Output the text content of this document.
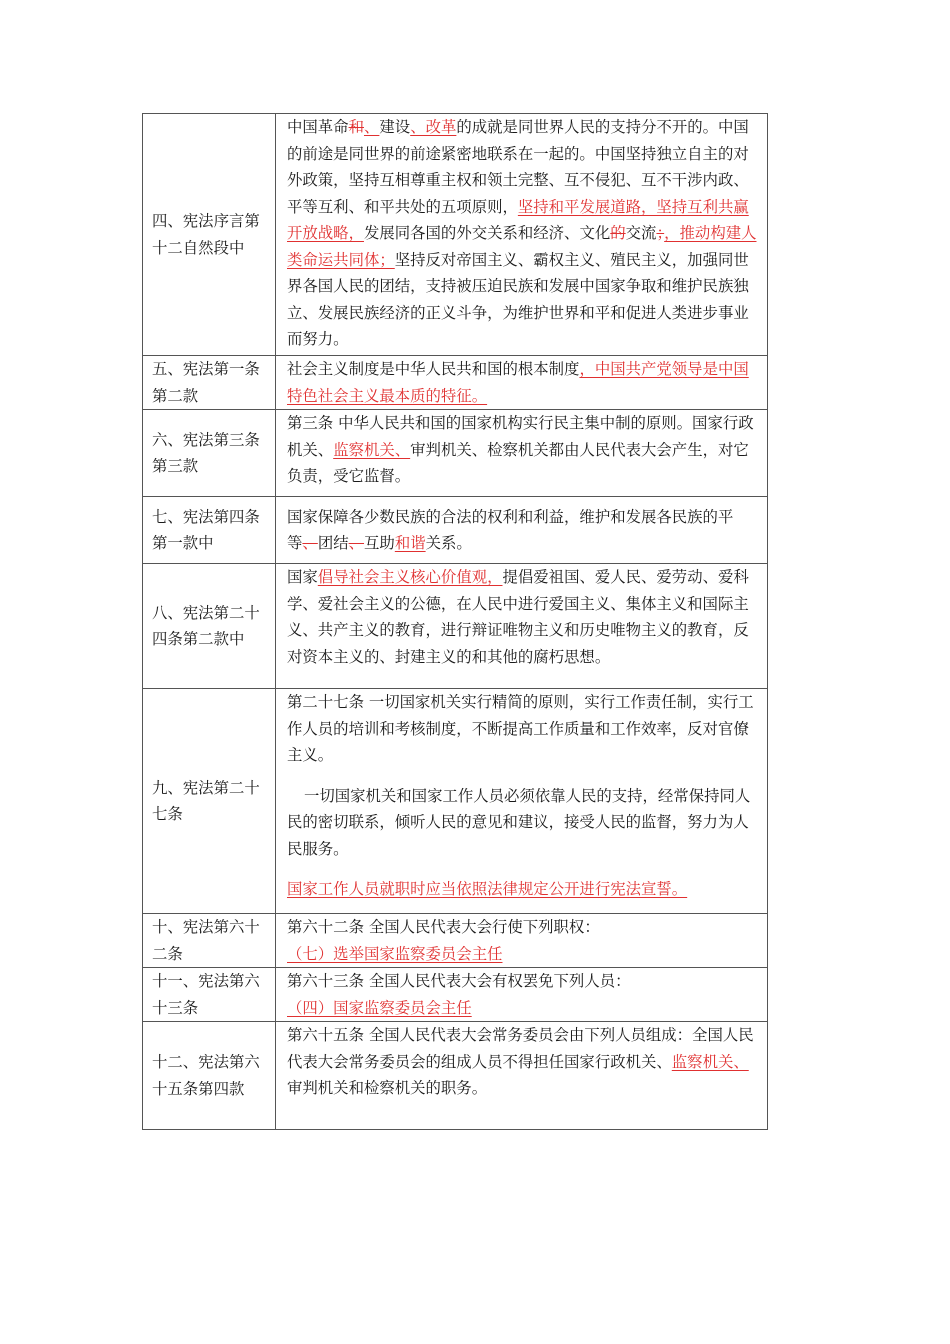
四、宪法序言第十二自然段中	中国革命和、建设、改革的成就是同世界人民的支持分不开的。中国的前途是同世界的前途紧密地联系在一起的。中国坚持独立自主的对外政策，坚持互相尊重主权和领土完整、互不侵犯、互不干涉内政、平等互利、和平共处的五项原则，坚持和平发展道路，坚持互利共赢开放战略，发展同各国的外交关系和经济、文化的交流；，推动构建人类命运共同体；坚持反对帝国主义、霸权主义、殖民主义，加强同世界各国人民的团结，支持被压迫民族和发展中国家争取和维护民族独立、发展民族经济的正义斗争，为维护世界和平和促进人类进步事业而努力。
五、宪法第一条第二款	社会主义制度是中华人民共和国的根本制度，中国共产党领导是中国特色社会主义最本质的特征。
六、宪法第三条第三款	第三条 中华人民共和国的国家机构实行民主集中制的原则。国家行政机关、监察机关、审判机关、检察机关都由人民代表大会产生，对它负责，受它监督。
七、宪法第四条第一款中	国家保障各少数民族的合法的权利和利益，维护和发展各民族的平等、团结、互助和谐关系。
八、宪法第二十四条第二款中	国家倡导社会主义核心价值观，提倡爱祖国、爱人民、爱劳动、爱科学、爱社会主义的公德，在人民中进行爱国主义、集体主义和国际主义、共产主义的教育，进行辩证唯物主义和历史唯物主义的教育，反对资本主义的、封建主义的和其他的腐朽思想。
九、宪法第二十七条	第二十七条 一切国家机关实行精简的原则，实行工作责任制，实行工作人员的培训和考核制度，不断提高工作质量和工作效率，反对官僚主义。
一切国家机关和国家工作人员必须依靠人民的支持，经常保持同人民的密切联系，倾听人民的意见和建议，接受人民的监督，努力为人民服务。
国家工作人员就职时应当依照法律规定公开进行宪法宣誓。

十、宪法第六十二条	第六十二条 全国人民代表大会行使下列职权：
（七）选举国家监察委员会主任

十一、宪法第六十三条	第六十三条 全国人民代表大会有权罢免下列人员：
（四）国家监察委员会主任

十二、宪法第六十五条第四款	第六十五条 全国人民代表大会常务委员会由下列人员组成：全国人民代表大会常务委员会的组成人员不得担任国家行政机关、监察机关、审判机关和检察机关的职务。
